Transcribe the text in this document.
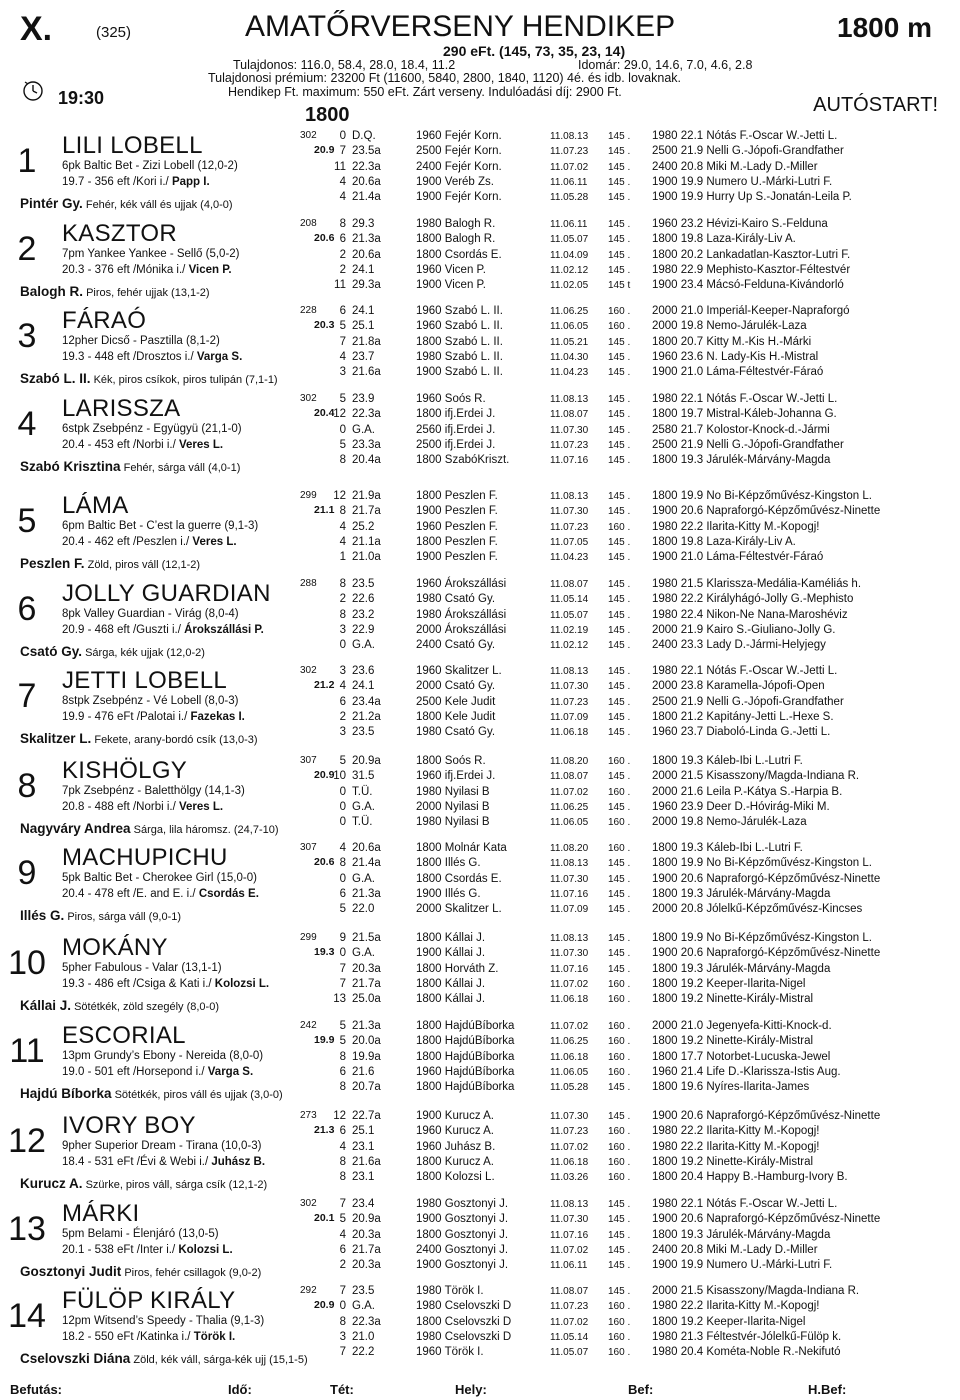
X.	(325)	AMATŐRVERSENY HENDIKEP	1800 m
290 eFt. (145, 73, 35, 23, 14)
Tulajdonos: 116.0, 58.4, 28.0, 18.4, 11.2	Idomár: 29.0, 14.6, 7.0, 4.6, 2.8
Tulajdonosi prémium: 23200 Ft (11600, 5840, 2800, 1840, 1120) 4é. és idb. lovaknak.
Hendikep Ft. maximum: 550 eFt. Zárt verseny. Indulóadási díj: 2900 Ft.
19:30	AUTÓSTART!
1800
1	LILI LOBELL
6pk Baltic Bet - Zizi Lobell (12,0-2)
19.7 - 356 eft /Kori i./ Papp I.
Pintér Gy. Fehér, kék váll és ujjak (4,0-0)
302
20.9
0 D.Q.	1960 Fejér Korn.	11.08.13 145 . 1980 22.1 Nótás F.-Oscar W.-Jetti L.
7 23.5a	2500 Fejér Korn.	11.07.23 145 . 2500 21.9 Nelli G.-Jópofi-Grandfather
11 22.3a	2400 Fejér Korn.	11.07.02 145 . 2400 20.8 Miki M.-Lady D.-Miller
4 20.6a	1900 Veréb Zs.	11.06.11 145 . 1900 19.9 Numero U.-Márki-Lutri F.
4 21.4a	1900 Fejér Korn.	11.05.28 145 . 1900 19.9 Hurry Up S.-Jonatán-Leila P.
2	KASZTOR
7pm Yankee Yankee - Sellő (5,0-2)
20.3 - 376 eft /Mónika i./ Vicen P.
Balogh R. Piros, fehér ujjak (13,1-2)
208
20.6
8 29.3	1980 Balogh R.	11.06.11 145 . 1960 23.2 Hévizi-Kairo S.-Felduna
6 21.3a	1800 Balogh R.	11.05.07 145 . 1800 19.8 Laza-Király-Liv A.
2 20.6a	1800 Csordás E.	11.04.09 145 . 1800 20.2 Lankadatlan-Kasztor-Lutri F.
2 24.1	1960 Vicen P.	11.02.12 145 . 1980 22.9 Mephisto-Kasztor-Féltestvér
11 29.3a	1900 Vicen P.	11.02.05 145 t 1900 23.4 Mácsó-Felduna-Kivándorló
3	FÁRAÓ
12pher Dicső - Pasztilla (8,1-2)
19.3 - 448 eft /Drosztos i./ Varga S.
Szabó L. II. Kék, piros csíkok, piros tulipán (7,1-1)
228
20.3
6 24.1	1960 Szabó L. II.	11.06.25 160 . 2000 21.0 Imperiál-Keeper-Napraforgó
5 25.1	1960 Szabó L. II.	11.06.05 160 . 2000 19.8 Nemo-Járulék-Laza
7 21.8a	1800 Szabó L. II.	11.05.21 145 . 1800 20.7 Kitty M.-Kis H.-Márki
4 23.7	1980 Szabó L. II.	11.04.30 145 . 1960 23.6 N. Lady-Kis H.-Mistral
3 21.6a	1900 Szabó L. II.	11.04.23 145 . 1900 21.0 Láma-Féltestvér-Fáraó
4	LARISSZA
6stpk Zsebpénz - Együgyü (21,1-0)
20.4 - 453 eft /Norbi i./ Veres L.
Szabó Krisztina Fehér, sárga váll (4,0-1)
302
20.4
5 23.9	1960 Soós R.	11.08.13 145 . 1980 22.1 Nótás F.-Oscar W.-Jetti L.
12 22.3a	1800 ifj.Erdei J.	11.08.07 145 . 1800 19.7 Mistral-Káleb-Johanna G.
0 G.A.	2560 ifj.Erdei J.	11.07.30 145 . 2580 21.7 Kolostor-Knock-d.-Jármi
5 23.3a	2500 ifj.Erdei J.	11.07.23 145 . 2500 21.9 Nelli G.-Jópofi-Grandfather
8 20.4a	1800 SzabóKriszt.	11.07.16 145 . 1800 19.3 Járulék-Márvány-Magda
5	LÁMA
6pm Baltic Bet - C’est la guerre (9,1-3)
20.4 - 462 eft /Peszlen i./ Veres L.
Peszlen F. Zöld, piros váll (12,1-2)
299
21.1
12 21.9a	1800 Peszlen F.	11.08.13 145 . 1800 19.9 No Bi-Képzőművész-Kingston L.
8 21.7a	1900 Peszlen F.	11.07.30 145 . 1900 20.6 Napraforgó-Képzőművész-Ninette
4 25.2	1960 Peszlen F.	11.07.23 160 . 1980 22.2 Ilarita-Kitty M.-Kopogj!
4 21.1a	1800 Peszlen F.	11.07.05 145 . 1800 19.8 Laza-Király-Liv A.
1 21.0a	1900 Peszlen F.	11.04.23 145 . 1900 21.0 Láma-Féltestvér-Fáraó
6	JOLLY GUARDIAN
8pk Valley Guardian - Virág (8,0-4)
20.9 - 468 eft /Guszti i./ Árokszállási P.
Csató Gy. Sárga, kék ujjak (12,0-2)
288	8 23.5	1960 Árokszállási	11.08.07 145 . 1980 21.5 Klarissza-Medália-Kaméliás h.
2 22.6	1980 Csató Gy.	11.05.14 145 . 1980 22.2 Királyhágó-Jolly G.-Mephisto
8 23.2	1980 Árokszállási	11.05.07 145 . 1980 22.4 Nikon-Ne Nana-Maroshéviz
3 22.9	2000 Árokszállási	11.02.19 145 . 2000 21.9 Kairo S.-Giuliano-Jolly G.
0 G.A.	2400 Csató Gy.	11.02.12 145 . 2400 23.3 Lady D.-Jármi-Helyjegy
7	JETTI LOBELL
8stpk Zsebpénz - Vé Lobell (8,0-3)
19.9 - 476 eFt /Palotai i./ Fazekas I.
Skalitzer L. Fekete, arany-bordó csík (13,0-3)
302
21.2
3 23.6	1960 Skalitzer L.	11.08.13 145 . 1980 22.1 Nótás F.-Oscar W.-Jetti L.
4 24.1	2000 Csató Gy.	11.07.30 145 . 2000 23.8 Karamella-Jópofi-Open
6 23.4a	2500 Kele Judit	11.07.23 145 . 2500 21.9 Nelli G.-Jópofi-Grandfather
2 21.2a	1800 Kele Judit	11.07.09 145 . 1800 21.2 Kapitány-Jetti L.-Hexe S.
3 23.5	1980 Csató Gy.	11.06.18 145 . 1960 23.7 Diaboló-Linda G.-Jetti L.
8	KISHÖLGY
7pk Zsebpénz - Baletthölgy (14,1-3)
20.8 - 488 eft /Norbi i./ Veres L.
Nagyváry Andrea Sárga, lila háromsz. (24,7-10)
307
20.9
5 20.9a	1800 Soós R.	11.08.20 160 . 1800 19.3 Káleb-Ibi L.-Lutri F.
10 31.5	1960 ifj.Erdei J.	11.08.07 145 . 2000 21.5 Kisasszony/Magda-Indiana R.
0 T.Ü.	1980 Nyilasi B	11.07.02 160 . 2000 21.6 Leila P.-Kátya S.-Harpia B.
0 G.A.	2000 Nyilasi B	11.06.25 145 . 1960 23.9 Deer D.-Hóvirág-Miki M.
0 T.Ü.	1980 Nyilasi B	11.06.05 160 . 2000 19.8 Nemo-Járulék-Laza
9	MACHUPICHU
5pk Baltic Bet - Cherokee Girl (15,0-0)
20.4 - 478 eft /E. and E. i./ Csordás E.
Illés G. Piros, sárga váll (9,0-1)
307
20.6
4 20.6a	1800 Molnár Kata	11.08.20 160 . 1800 19.3 Káleb-Ibi L.-Lutri F.
8 21.4a	1800 Illés G.	11.08.13 145 . 1800 19.9 No Bi-Képzőművész-Kingston L.
0 G.A.	1800 Csordás E.	11.07.30 145 . 1900 20.6 Napraforgó-Képzőművész-Ninette
6 21.3a	1900 Illés G.	11.07.16 145 . 1800 19.3 Járulék-Márvány-Magda
5 22.0	2000 Skalitzer L.	11.07.09 145 . 2000 20.8 Jólelkű-Képzőművész-Kincses
10 MOKÁNY
5pher Fabulous - Valar (13,1-1)
19.3 - 486 eft /Csiga & Kati i./ Kolozsi L.
Kállai J. Sötétkék, zöld szegély (8,0-0)
299
19.3
9 21.5a	1800 Kállai J.	11.08.13 145 . 1800 19.9 No Bi-Képzőművész-Kingston L.
0 G.A.	1900 Kállai J.	11.07.30 145 . 1900 20.6 Napraforgó-Képzőművész-Ninette
7 20.3a	1800 Horváth Z.	11.07.16 145 . 1800 19.3 Járulék-Márvány-Magda
7 21.7a	1800 Kállai J.	11.07.02 160 . 1800 19.2 Keeper-Ilarita-Nigel
13 25.0a	1800 Kállai J.	11.06.18 160 . 1800 19.2 Ninette-Király-Mistral
11 ESCORIAL
13pm Grundy’s Ebony - Nereida (8,0-0)
19.0 - 501 eft /Horsepond i./ Varga S.
Hajdú Bíborka Sötétkék, piros váll és ujjak (3,0-0)
242
19.9
5 21.3a	1800 HajdúBíborka	11.07.02 160 . 2000 21.0 Jegenyefa-Kitti-Knock-d.
5 20.0a	1800 HajdúBíborka	11.06.25 160 . 1800 19.2 Ninette-Király-Mistral
8 19.9a	1800 HajdúBíborka	11.06.18 160 . 1800 17.7 Notorbet-Lucuska-Jewel
6 21.6	1960 HajdúBíborka	11.06.05 160 . 1960 21.4 Life D.-Klarissza-Istis Aug.
8 20.7a	1800 HajdúBíborka	11.05.28 145 . 1800 19.6 Nyíres-Ilarita-James
12 IVORY BOY
9pher Superior Dream - Tirana (10,0-3)
18.4 - 531 eFt /Évi & Webi i./ Juhász B.
Kurucz A. Szürke, piros váll, sárga csík (12,1-2)
273
21.3
12 22.7a	1900 Kurucz A.	11.07.30 145 . 1900 20.6 Napraforgó-Képzőművész-Ninette
6 25.1	1960 Kurucz A.	11.07.23 160 . 1980 22.2 Ilarita-Kitty M.-Kopogj!
4 23.1	1960 Juhász B.	11.07.02 160 . 1980 22.2 Ilarita-Kitty M.-Kopogj!
8 21.6a	1800 Kurucz A.	11.06.18 160 . 1800 19.2 Ninette-Király-Mistral
8 23.1	1800 Kolozsi L.	11.03.26 160 . 1800 20.4 Happy B.-Hamburg-Ivory B.
13 MÁRKI
5pm Belami - Élenjáró (13,0-5)
20.1 - 538 eFt /Inter i./ Kolozsi L.
Gosztonyi Judit Piros, fehér csillagok (9,0-2)
302
20.1
7 23.4	1980 Gosztonyi J.	11.08.13 145 . 1980 22.1 Nótás F.-Oscar W.-Jetti L.
5 20.9a	1900 Gosztonyi J.	11.07.30 145 . 1900 20.6 Napraforgó-Képzőművész-Ninette
4 20.3a	1800 Gosztonyi J.	11.07.16 145 . 1800 19.3 Járulék-Márvány-Magda
6 21.7a	2400 Gosztonyi J.	11.07.02 145 . 2400 20.8 Miki M.-Lady D.-Miller
2 20.3a	1900 Gosztonyi J.	11.06.11 145 . 1900 19.9 Numero U.-Márki-Lutri F.
14 FÜLÖP KIRÁLY
12pm Witsend’s Speedy - Thalia (9,1-3)
18.2 - 550 eFt /Katinka i./ Török I.
Cselovszki Diána Zöld, kék váll, sárga-kék ujj (15,1-5)
292
20.9
7 23.5	1980 Török I.	11.08.07 145 . 2000 21.5 Kisasszony/Magda-Indiana R.
0 G.A.	1980 Cselovszki D	11.07.23 160 . 1980 22.2 Ilarita-Kitty M.-Kopogj!
8 22.3a	1800 Cselovszki D	11.07.02 160 . 1800 19.2 Keeper-Ilarita-Nigel
3 21.0	1980 Cselovszki D	11.05.14 160 . 1980 21.3 Féltestvér-Jólelkű-Fülöp k.
7 22.2	1960 Török I.	11.05.07 160 . 1980 20.4 Kométa-Noble R.-Nekifutó
Befutás:	Idő:	Tét:	Hely:	Bef:	H.Bef:
